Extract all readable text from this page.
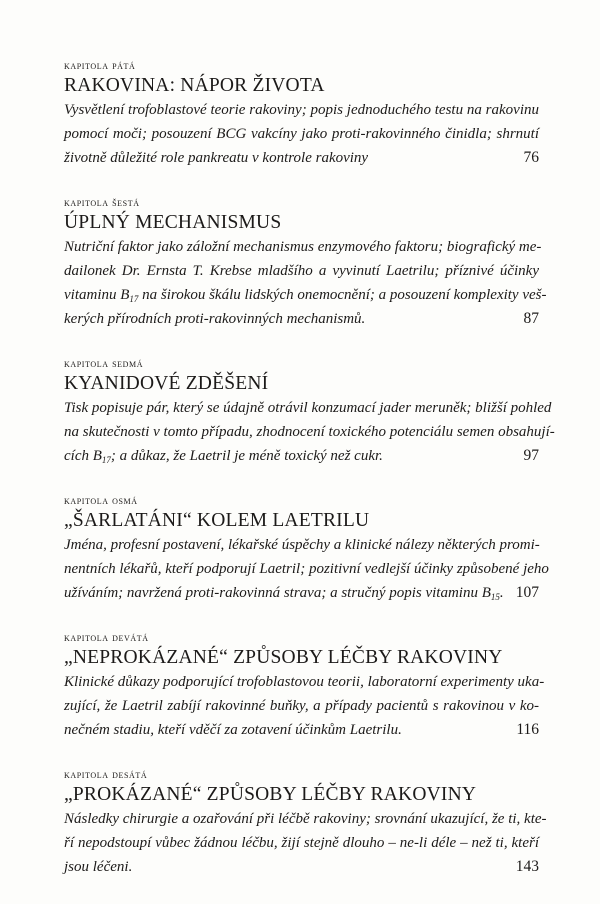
kapitola pátá
RAKOVINA: NÁPOR ŽIVOTA
Vysvětlení trofoblastové teorie rakoviny; popis jednoduchého testu na rakovinu
pomocí moči; posouzení BCG vakcíny jako proti-rakovinného činidla; shrnutí
životně důležité role pankreatu v kontrole rakoviny	76
kapitola šestá
ÚPLNÝ MECHANISMUS
Nutriční faktor jako záložní mechanismus enzymového faktoru; biografický me-
dailonek Dr. Ernsta T. Krebse mladšího a vyvinutí Laetrilu; příznivé účinky
vitaminu $B_{17}$ na širokou škálu lidských onemocnění; a posouzení komplexity veš-
kerých přírodních proti-rakovinných mechanismů.	87
kapitola sedmá
KYANIDOVÉ ZDĚŠENÍ
Tisk popisuje pár, který se údajně otrávil konzumací jader meruněk; bližší pohled
na skutečnosti v tomto případu, zhodnocení toxického potenciálu semen obsahují-
cích $B_{17}$; a důkaz, že Laetril je méně toxický než cukr.	97
kapitola osmá
„ŠARLATÁNI“ KOLEM LAETRILU
Jména, profesní postavení, lékařské úspěchy a klinické nálezy některých promi-
nentních lékařů, kteří podporují Laetril; pozitivní vedlejší účinky způsobené jeho
užíváním; navržená proti-rakovinná strava; a stručný popis vitaminu $B_{15}$. 107
kapitola devátá
„NEPROKÁZANÉ“ ZPŮSOBY LÉČBY RAKOVINY
Klinické důkazy podporující trofoblastovou teorii, laboratorní experimenty uka-
zující, že Laetril zabíjí rakovinné buňky, a případy pacientů s rakovinou v ko-
nečném stadiu, kteří vděčí za zotavení účinkům Laetrilu.	116
kapitola desátá
„PROKÁZANÉ“ ZPŮSOBY LÉČBY RAKOVINY
Následky chirurgie a ozařování při léčbě rakoviny; srovnání ukazující, že ti, kte-
ří nepodstoupí vůbec žádnou léčbu, žijí stejně dlouho – ne-li déle – než ti, kteří
jsou léčeni.	143
